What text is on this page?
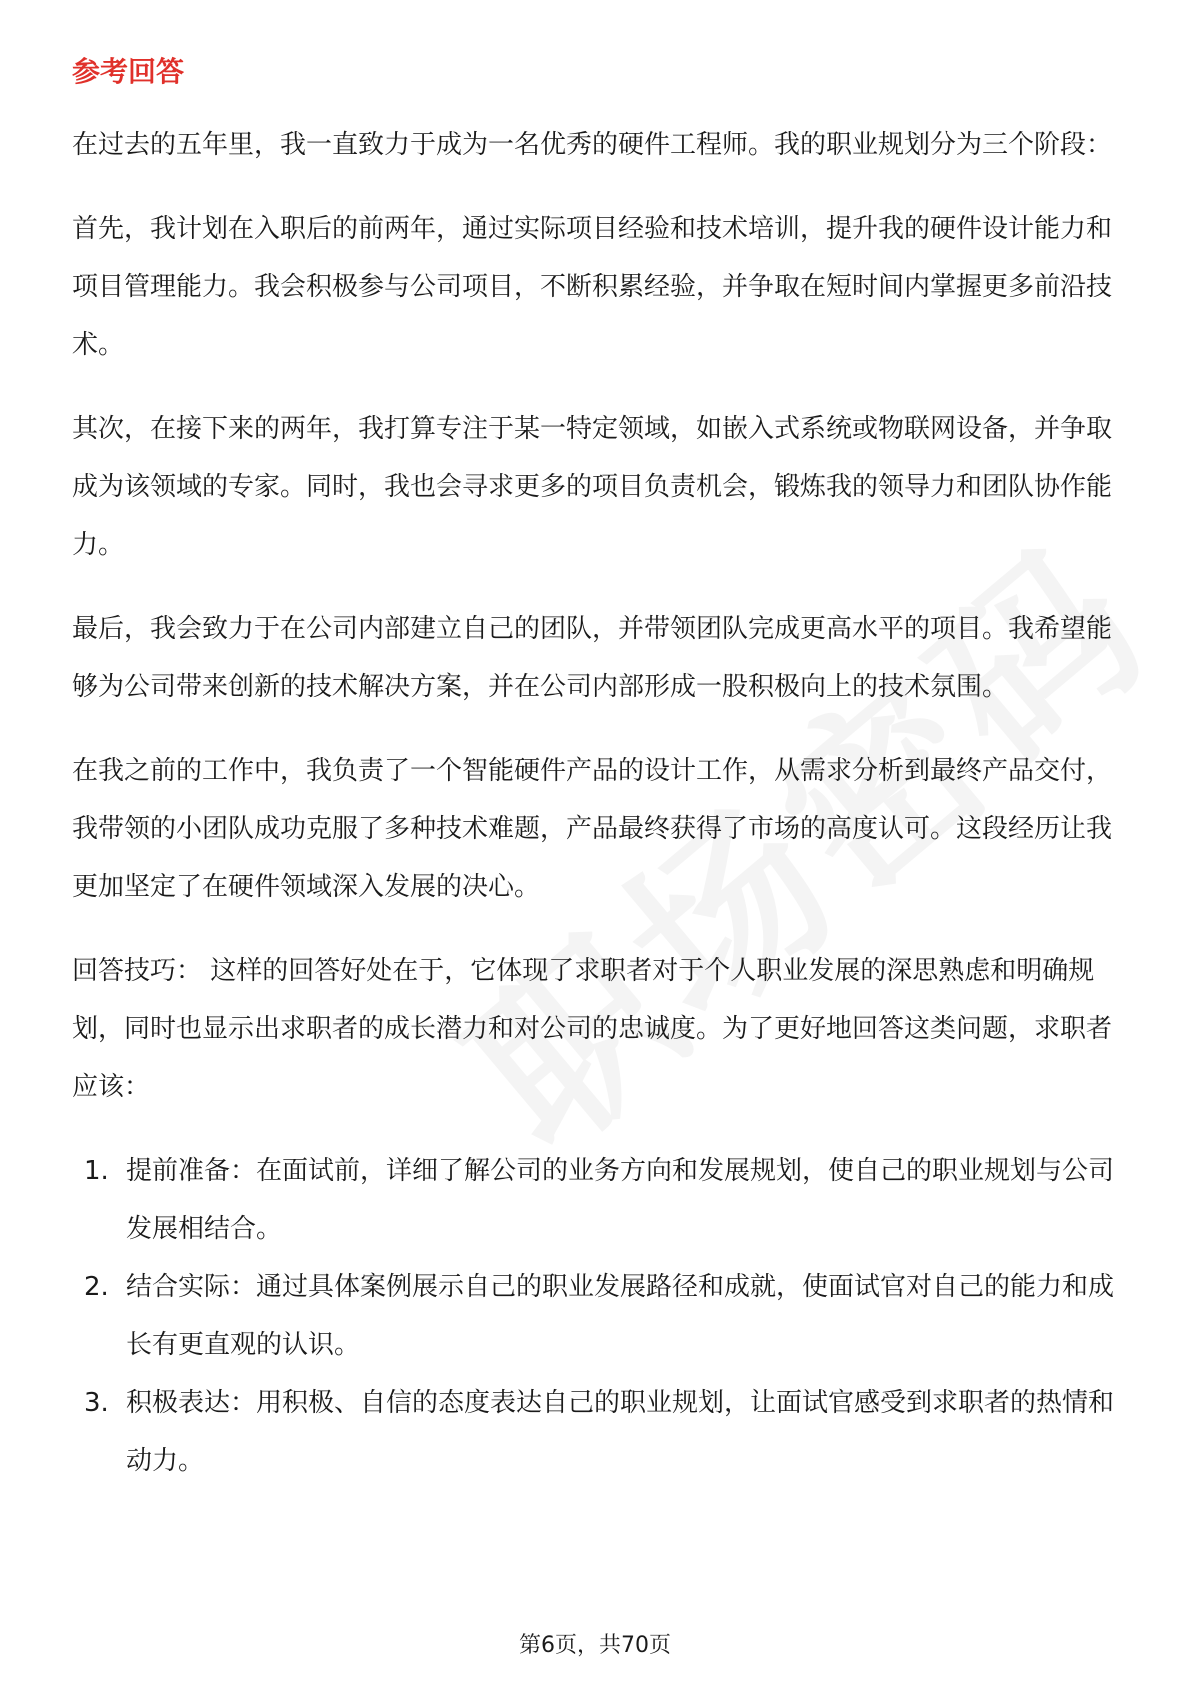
参考回答

在过去的五年里，我一直致力于成为一名优秀的硬件工程师。我的职业规划分为三个阶段：

首先，我计划在入职后的前两年，通过实际项目经验和技术培训，提升我的硬件设计能力和项目管理能力。我会积极参与公司项目，不断积累经验，并争取在短时间内掌握更多前沿技术。

其次，在接下来的两年，我打算专注于某一特定领域，如嵌入式系统或物联网设备，并争取成为该领域的专家。同时，我也会寻求更多的项目负责机会，锻炼我的领导力和团队协作能力。

最后，我会致力于在公司内部建立自己的团队，并带领团队完成更高水平的项目。我希望能够为公司带来创新的技术解决方案，并在公司内部形成一股积极向上的技术氛围。

在我之前的工作中，我负责了一个智能硬件产品的设计工作，从需求分析到最终产品交付，我带领的小团队成功克服了多种技术难题，产品最终获得了市场的高度认可。这段经历让我更加坚定了在硬件领域深入发展的决心。

回答技巧： 这样的回答好处在于，它体现了求职者对于个人职业发展的深思熟虑和明确规划，同时也显示出求职者的成长潜力和对公司的忠诚度。为了更好地回答这类问题，求职者应该：

1. 提前准备：在面试前，详细了解公司的业务方向和发展规划，使自己的职业规划与公司发展相结合。
2. 结合实际：通过具体案例展示自己的职业发展路径和成就，使面试官对自己的能力和成长有更直观的认识。
3. 积极表达：用积极、自信的态度表达自己的职业规划，让面试官感受到求职者的热情和动力。
第6页，共70页
